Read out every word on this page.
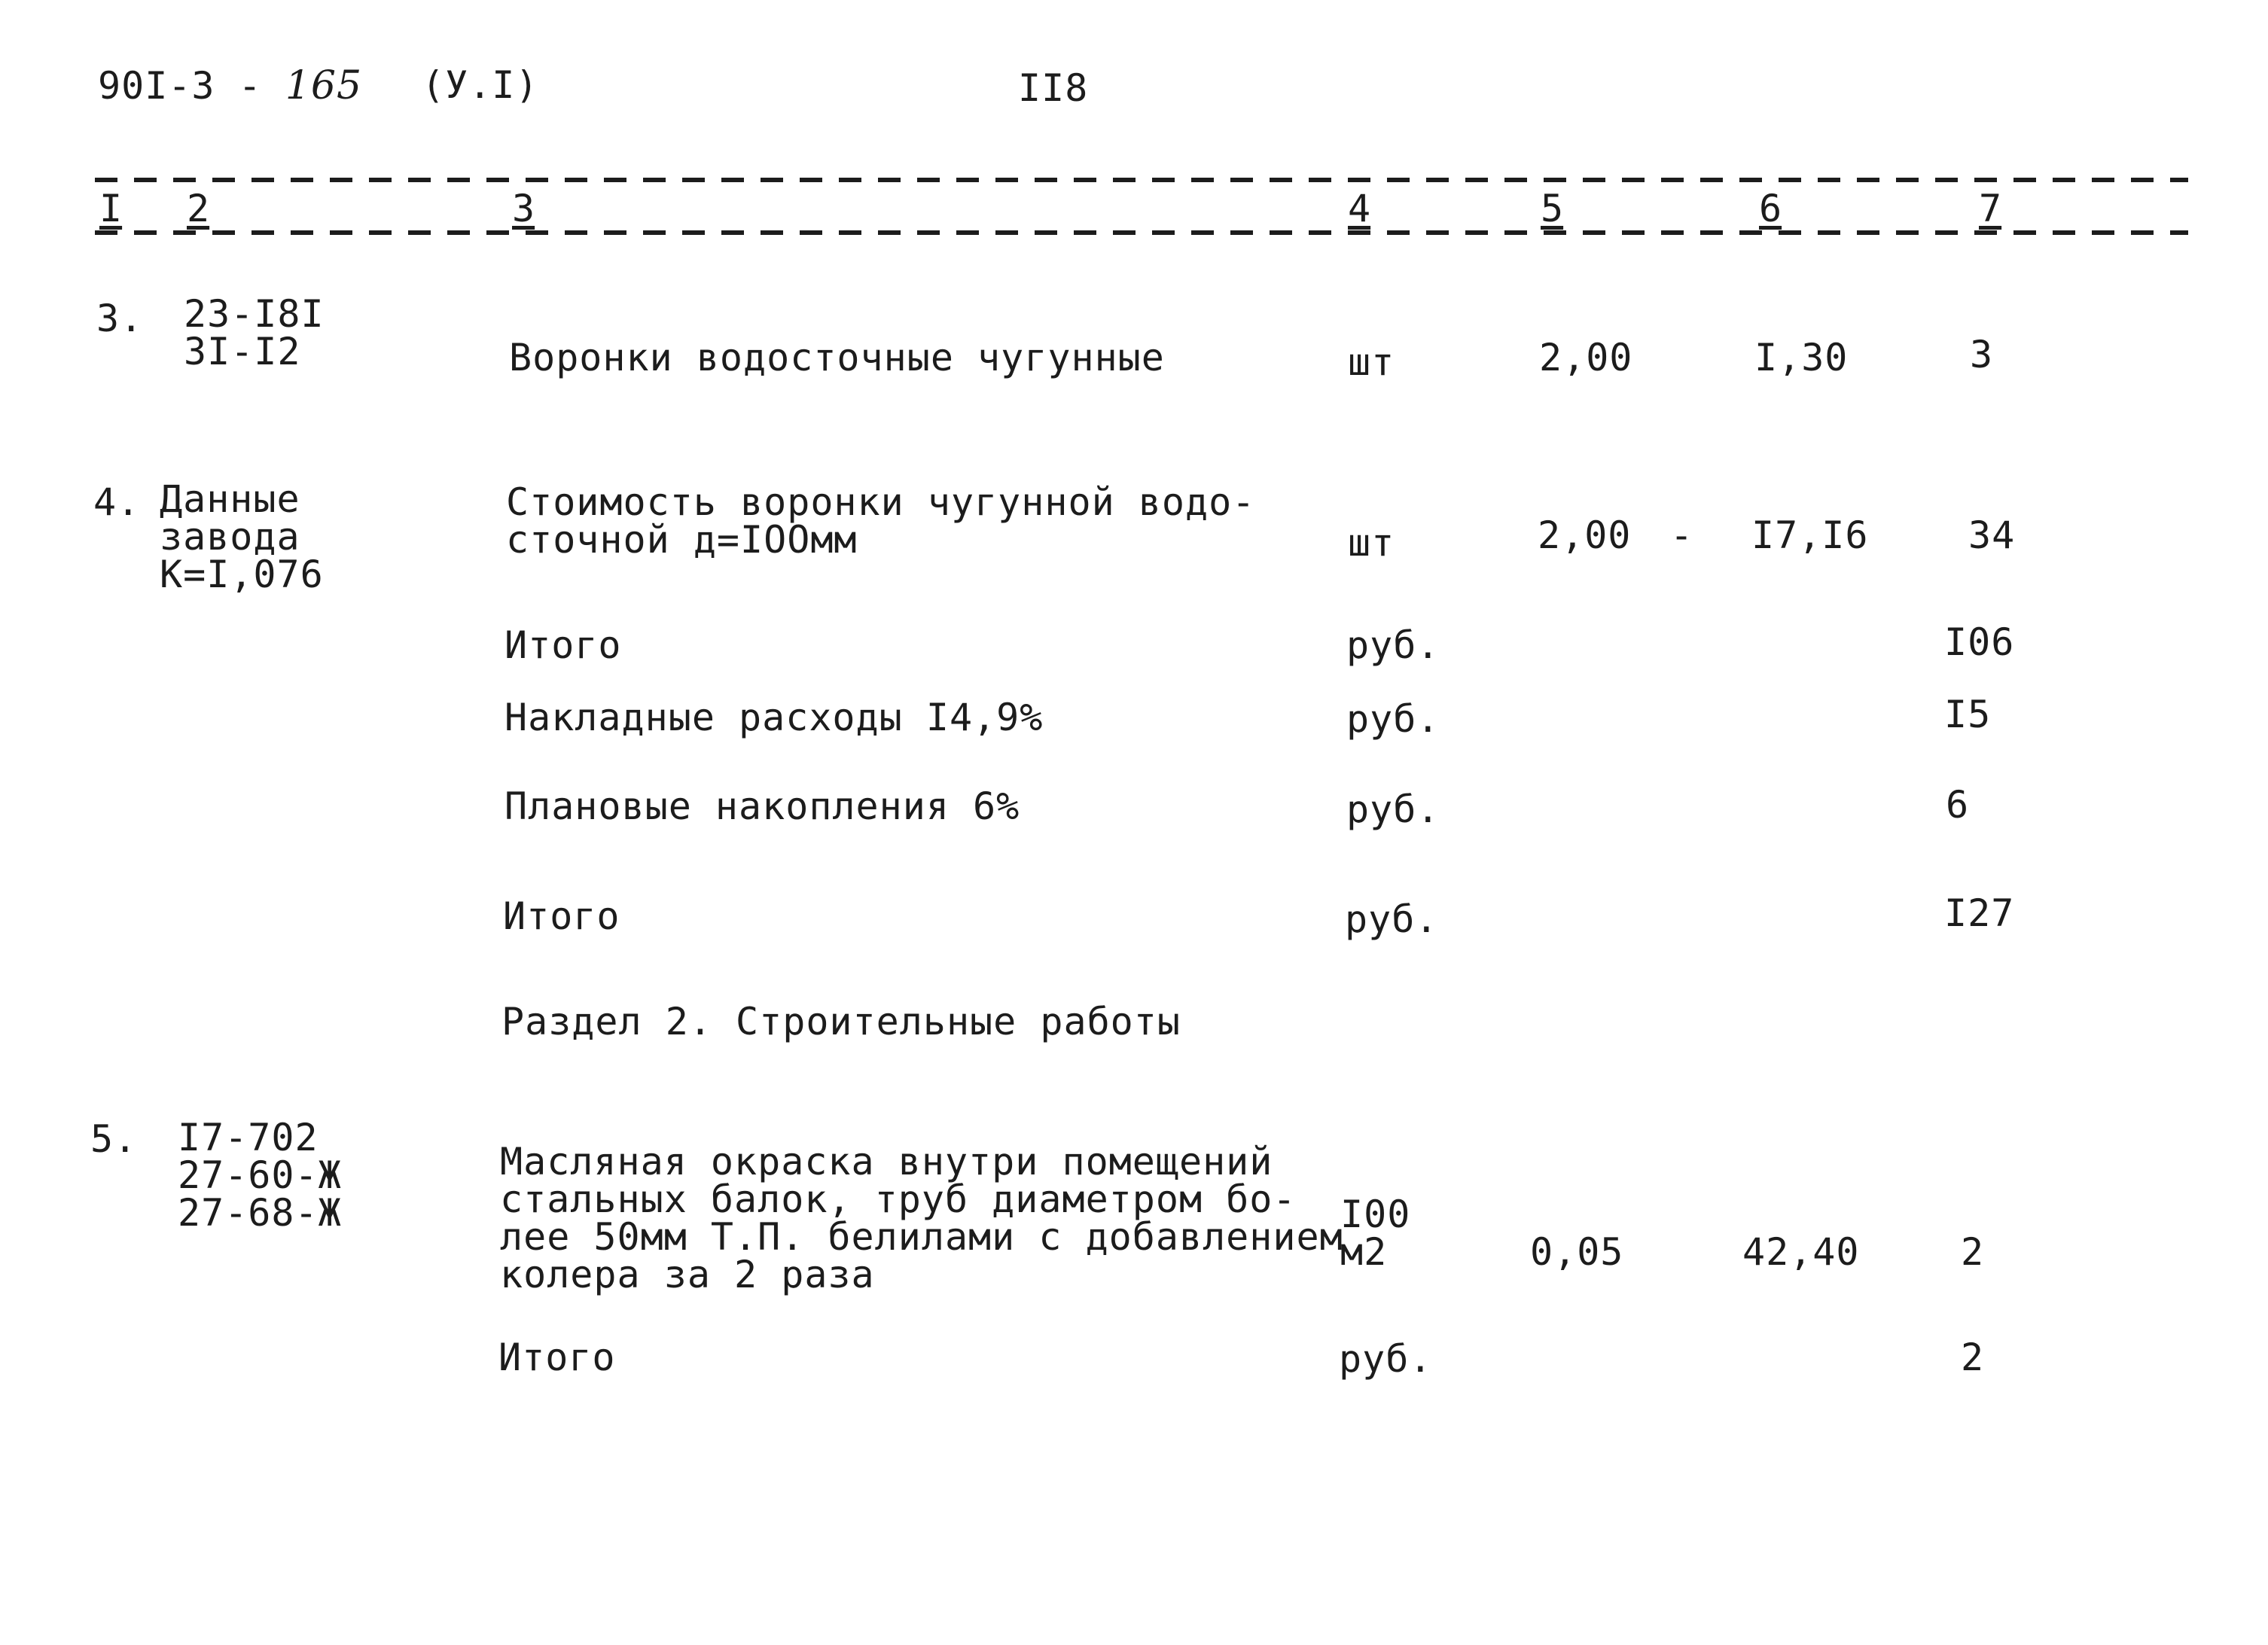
90I-3 - 165 (У.I)	II8
I 2	3	4	5	6	7
3. 23-I8I
3I-I2	Воронки водосточные чугунные	шт	2,00	I,30	3
4. Данные
завода
К=I,076
Стоимость воронки чугунной водо-
сточной д=IООмм	шт	2,00 - I7,I6	34
Итого	руб.	I06
Накладные расходы I4,9%	руб.	I5
Плановые накопления 6%	руб.	6
Итого	руб.	I27
Раздел 2. Строительные работы
5. I7-702
27-60-Ж
27-68-Ж
Масляная окраска внутри помещений
стальных балок, труб диаметром бо-
лее 50мм Т.П. белилами с добавлением
колера за 2 раза
I00
м2	0,05	42,40	2
Итого	руб.	2
